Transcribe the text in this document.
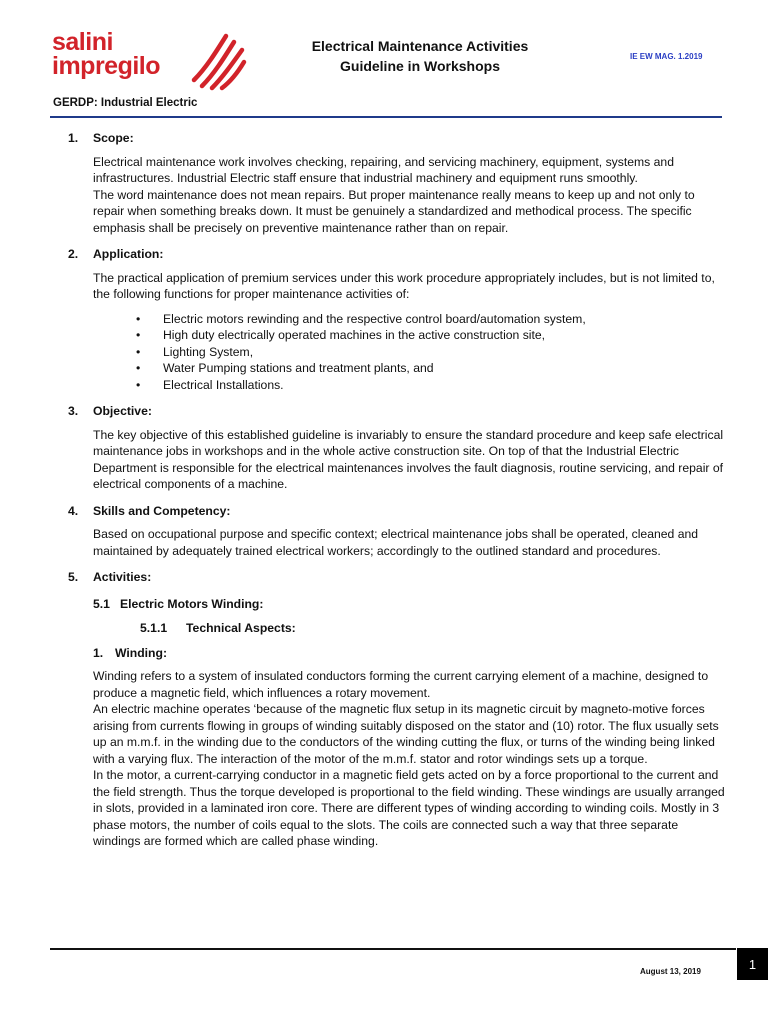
salini
impregilo
GERDP: Industrial Electric
Electrical Maintenance Activities
Guideline in Workshops
IE EW MAG. 1.2019
1.	Scope:

Electrical maintenance work involves checking, repairing, and servicing machinery, equipment, systems and infrastructures. Industrial Electric staff ensure that industrial machinery and equipment runs smoothly.

The word maintenance does not mean repairs. But proper maintenance really means to keep up and not only to repair when something breaks down. It must be genuinely a standardized and methodical process. The specific emphasis shall be precisely on preventive maintenance rather than on repair.

2.	Application:

The practical application of premium services under this work procedure appropriately includes, but is not limited to, the following functions for proper maintenance activities of:

• Electric motors rewinding and the respective control board/automation system,
• High duty electrically operated machines in the active construction site,
• Lighting System,
• Water Pumping stations and treatment plants, and
• Electrical Installations.
3.	Objective:

The key objective of this established guideline is invariably to ensure the standard procedure and keep safe electrical maintenance jobs in workshops and in the whole active construction site. On top of that the Industrial Electric Department is responsible for the electrical maintenances involves the fault diagnosis, routine servicing, and repair of electrical components of a machine.

4.	Skills and Competency:

Based on occupational purpose and specific context; electrical maintenance jobs shall be operated, cleaned and maintained by adequately trained electrical workers; accordingly to the outlined standard and procedures.

5.	Activities:
5.1 Electric Motors Winding:
5.1.1	Technical Aspects:
1. Winding:

Winding refers to a system of insulated conductors forming the current carrying element of a machine, designed to produce a magnetic field, which influences a rotary movement.

An electric machine operates ‘because of the magnetic flux setup in its magnetic circuit by magneto-motive forces arising from currents flowing in groups of winding suitably disposed on the stator and (10) rotor. The flux usually sets up an m.m.f. in the winding due to the conductors of the winding cutting the flux, or turns of the winding being linked with a varying flux. The interaction of the motor of the m.m.f. stator and rotor windings sets up a torque.

In the motor, a current-carrying conductor in a magnetic field gets acted on by a force proportional to the current and the field strength. Thus the torque developed is proportional to the field winding. These windings are usually arranged in slots, provided in a laminated iron core. There are different types of winding according to winding coils. Mostly in 3 phase motors, the number of coils equal to the slots. The coils are connected such a way that three separate windings are formed which are called phase winding.

August 13, 2019	1
